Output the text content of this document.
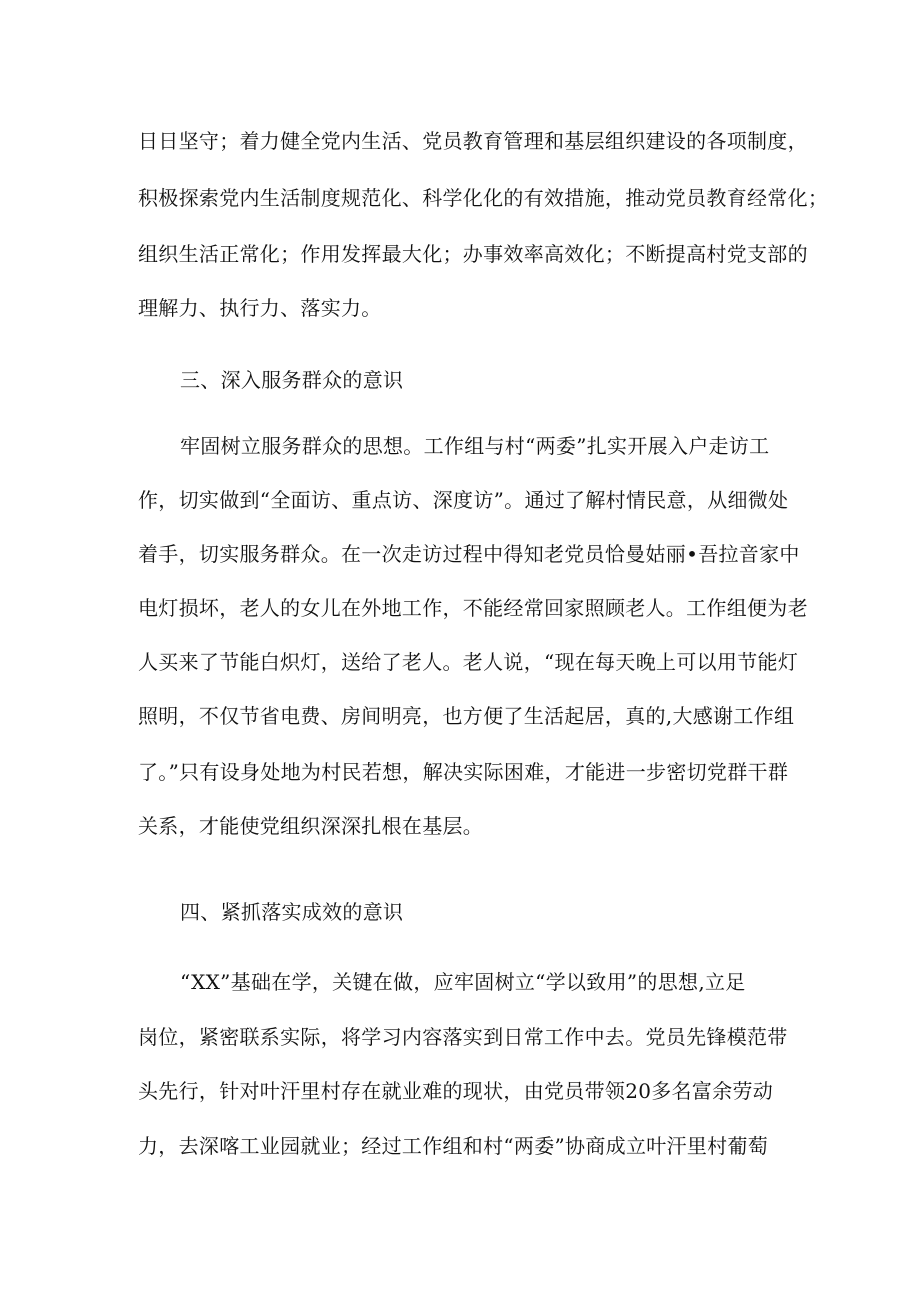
日日坚守；着力健全党内生活、党员教育管理和基层组织建设的各项制度，
积极探索党内生活制度规范化、科学化化的有效措施，推动党员教育经常化；
组织生活正常化；作用发挥最大化；办事效率高效化；不断提高村党支部的
理解力、执行力、落实力。
三、深入服务群众的意识
牢固树立服务群众的思想。工作组与村“两委”扎实开展入户走访工
作，切实做到“全面访、重点访、深度访”。通过了解村情民意，从细微处
着手，切实服务群众。在一次走访过程中得知老党员恰曼姑丽•吾拉音家中
电灯损坏，老人的女儿在外地工作，不能经常回家照顾老人。工作组便为老
人买来了节能白炽灯，送给了老人。老人说，“现在每天晚上可以用节能灯
照明，不仅节省电费、房间明亮，也方便了生活起居，真的,大感谢工作组
了。”只有设身处地为村民若想，解决实际困难，才能进一步密切党群干群
关系，才能使党组织深深扎根在基层。
四、紧抓落实成效的意识
“XX”基础在学，关键在做，应牢固树立“学以致用”的思想,立足
岗位，紧密联系实际，将学习内容落实到日常工作中去。党员先锋模范带
头先行，针对叶汗里村存在就业难的现状，由党员带领20多名富余劳动
力，去深喀工业园就业；经过工作组和村“两委”协商成立叶汗里村葡萄
